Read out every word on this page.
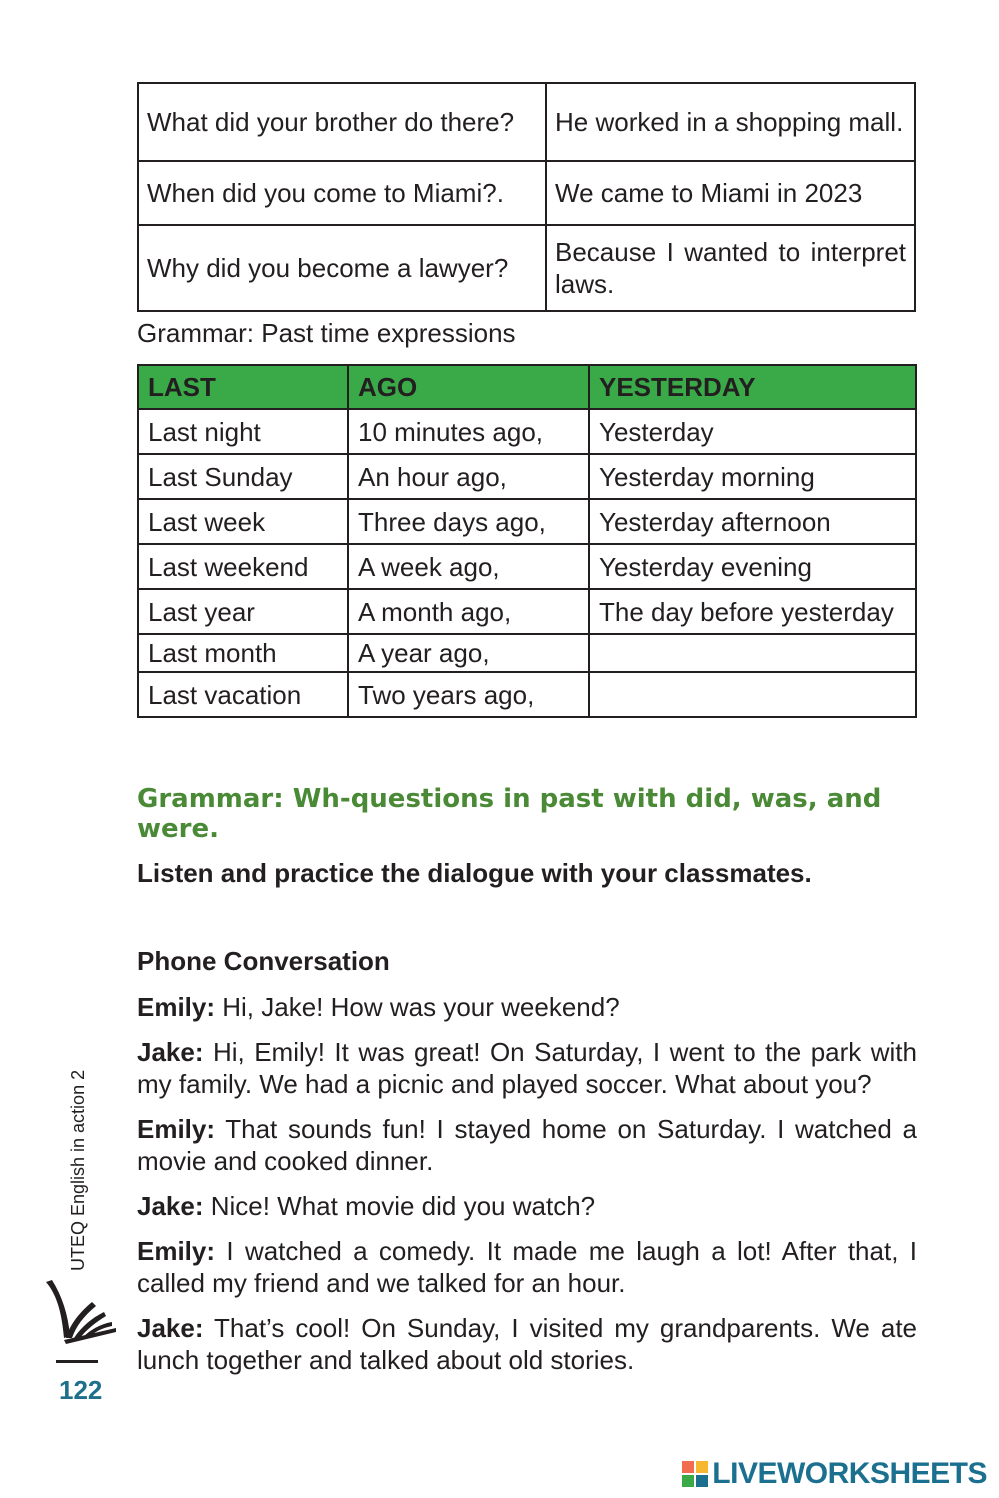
What did your brother do there?	He worked in a shopping mall.
When did you come to Miami?.	We came to Miami in 2023
Why did you become a lawyer?	Because I wanted to interpret laws.

Grammar: Past time expressions

LAST	AGO	YESTERDAY
Last night	10 minutes ago,	Yesterday
Last Sunday	An hour ago,	Yesterday morning
Last week	Three days ago,	Yesterday afternoon
Last weekend	A week ago,	Yesterday evening
Last year	A month ago,	The day before yesterday
Last month	A year ago,	
Last vacation	Two years ago,	
Grammar: Wh-questions in past with did, was, and were.

Listen and practice the dialogue with your classmates.

Phone Conversation

Emily: Hi, Jake! How was your weekend?

Jake: Hi, Emily! It was great! On Saturday, I went to the park with my family. We had a picnic and played soccer. What about you?

Emily: That sounds fun! I stayed home on Saturday. I watched a movie and cooked dinner.

Jake: Nice! What movie did you watch?

Emily: I watched a comedy. It made me laugh a lot! After that, I called my friend and we talked for an hour.

Jake: That’s cool! On Sunday, I visited my grandparents. We ate lunch together and talked about old stories.

UTEQ English in action 2
122
LIVEWORKSHEETS
